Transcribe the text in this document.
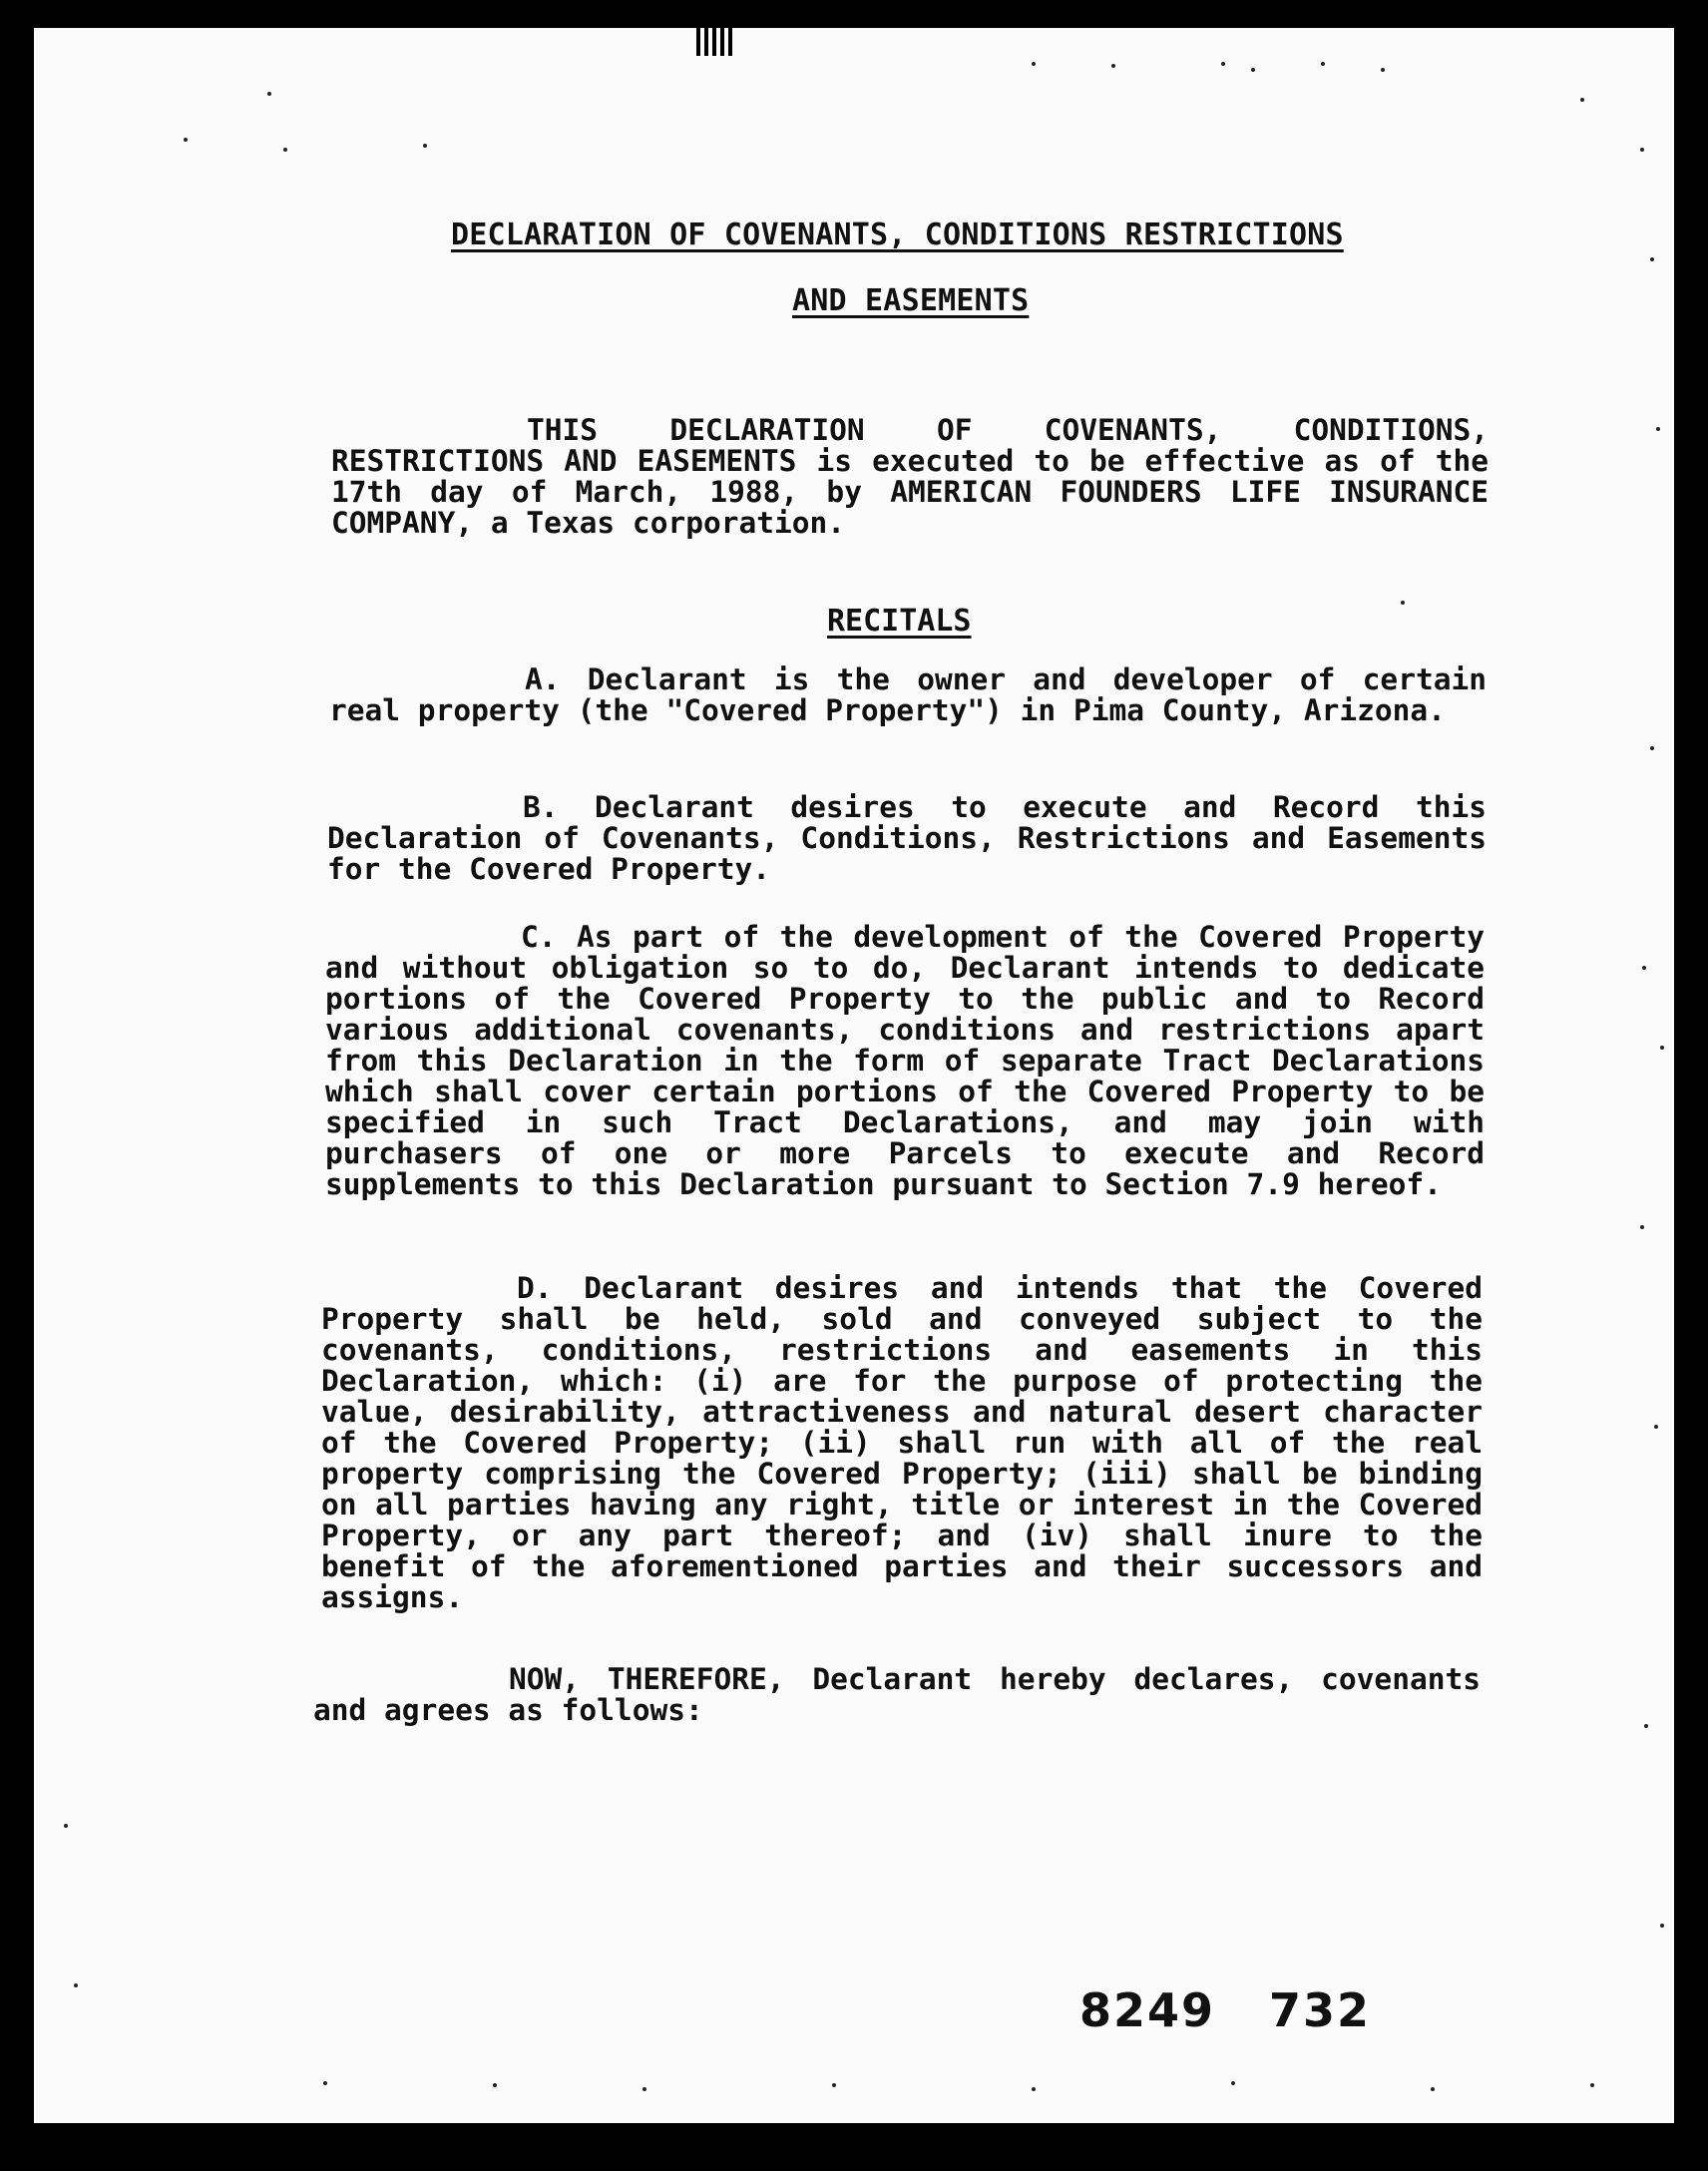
DECLARATION OF COVENANTS, CONDITIONS RESTRICTIONS
AND EASEMENTS
THIS DECLARATION OF COVENANTS, CONDITIONS, RESTRICTIONS AND EASEMENTS is executed to be effective as of the 17th day of March, 1988, by AMERICAN FOUNDERS LIFE INSURANCE COMPANY, a Texas corporation.
RECITALS
A. Declarant is the owner and developer of certain real property (the "Covered Property") in Pima County, Arizona.
B. Declarant desires to execute and Record this Declaration of Covenants, Conditions, Restrictions and Easements for the Covered Property.
C. As part of the development of the Covered Property and without obligation so to do, Declarant intends to dedicate portions of the Covered Property to the public and to Record various additional covenants, conditions and restrictions apart from this Declaration in the form of separate Tract Declarations which shall cover certain portions of the Covered Property to be specified in such Tract Declarations, and may join with purchasers of one or more Parcels to execute and Record supplements to this Declaration pursuant to Section 7.9 hereof.
D. Declarant desires and intends that the Covered Property shall be held, sold and conveyed subject to the covenants, conditions, restrictions and easements in this Declaration, which: (i) are for the purpose of protecting the value, desirability, attractiveness and natural desert character of the Covered Property; (ii) shall run with all of the real property comprising the Covered Property; (iii) shall be binding on all parties having any right, title or interest in the Covered Property, or any part thereof; and (iv) shall inure to the benefit of the aforementioned parties and their successors and assigns.
NOW, THEREFORE, Declarant hereby declares, covenants and agrees as follows:
8249 732
